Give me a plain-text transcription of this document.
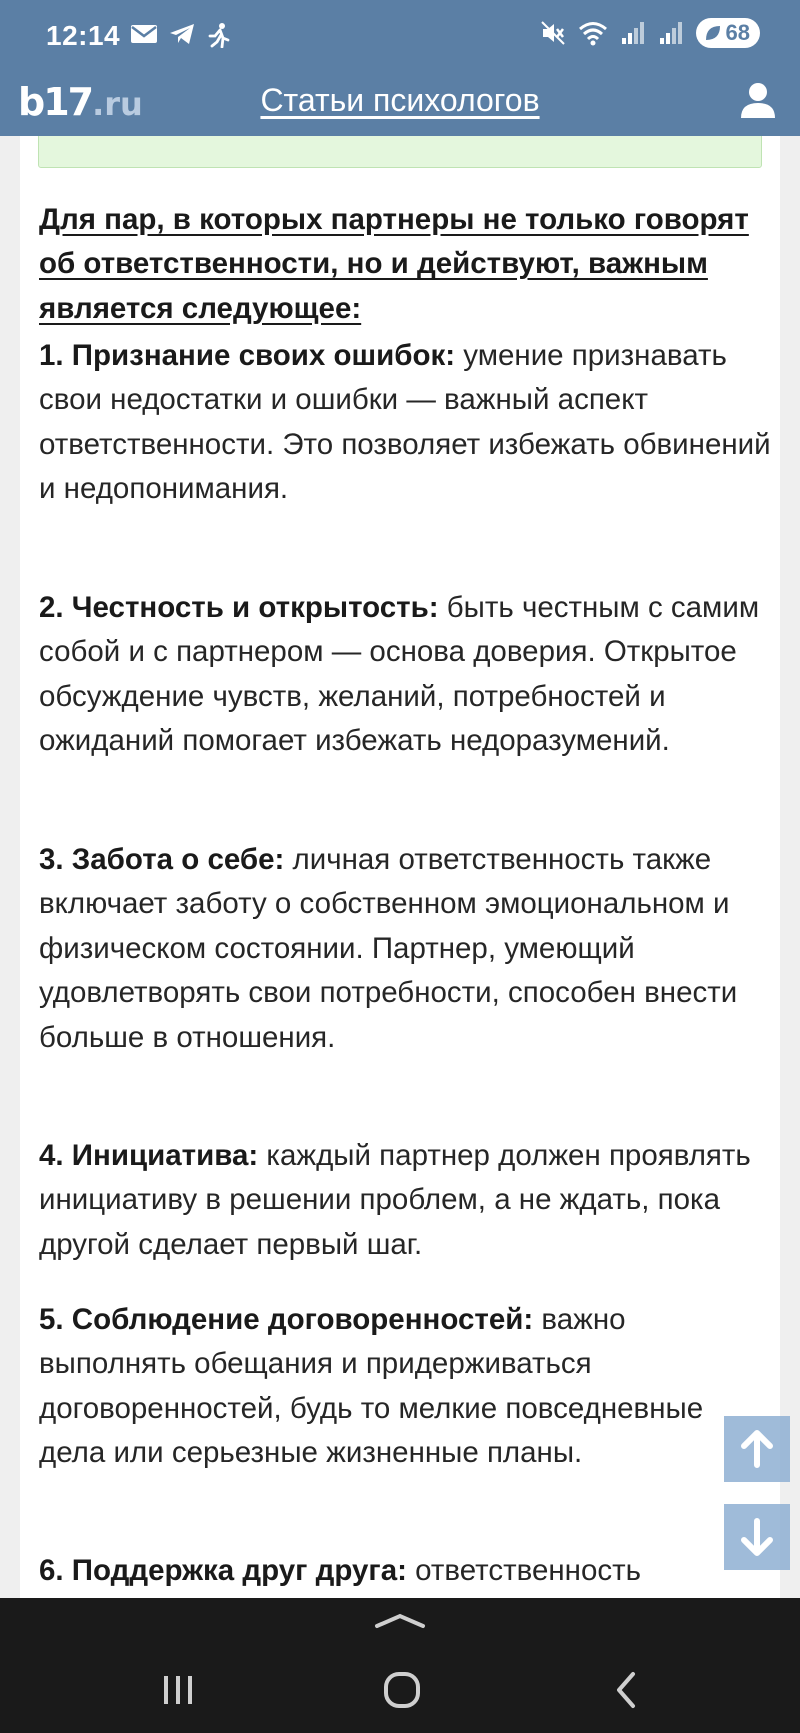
12:14	68
b17.ru	Статьи психологов
Для пар, в которых партнеры не только говорят об ответственности, но и действуют, важным является следующее:
1. Признание своих ошибок: умение признавать свои недостатки и ошибки — важный аспект ответственности. Это позволяет избежать обвинений и недопонимания.
2. Честность и открытость: быть честным с самим собой и с партнером — основа доверия. Открытое обсуждение чувств, желаний, потребностей и ожиданий помогает избежать недоразумений.
3. Забота о себе: личная ответственность также включает заботу о собственном эмоциональном и физическом состоянии. Партнер, умеющий удовлетворять свои потребности, способен внести больше в отношения.
4. Инициатива: каждый партнер должен проявлять инициативу в решении проблем, а не ждать, пока другой сделает первый шаг.
5. Соблюдение договоренностей: важно выполнять обещания и придерживаться договоренностей, будь то мелкие повседневные дела или серьезные жизненные планы.
6. Поддержка друг друга: ответственность
